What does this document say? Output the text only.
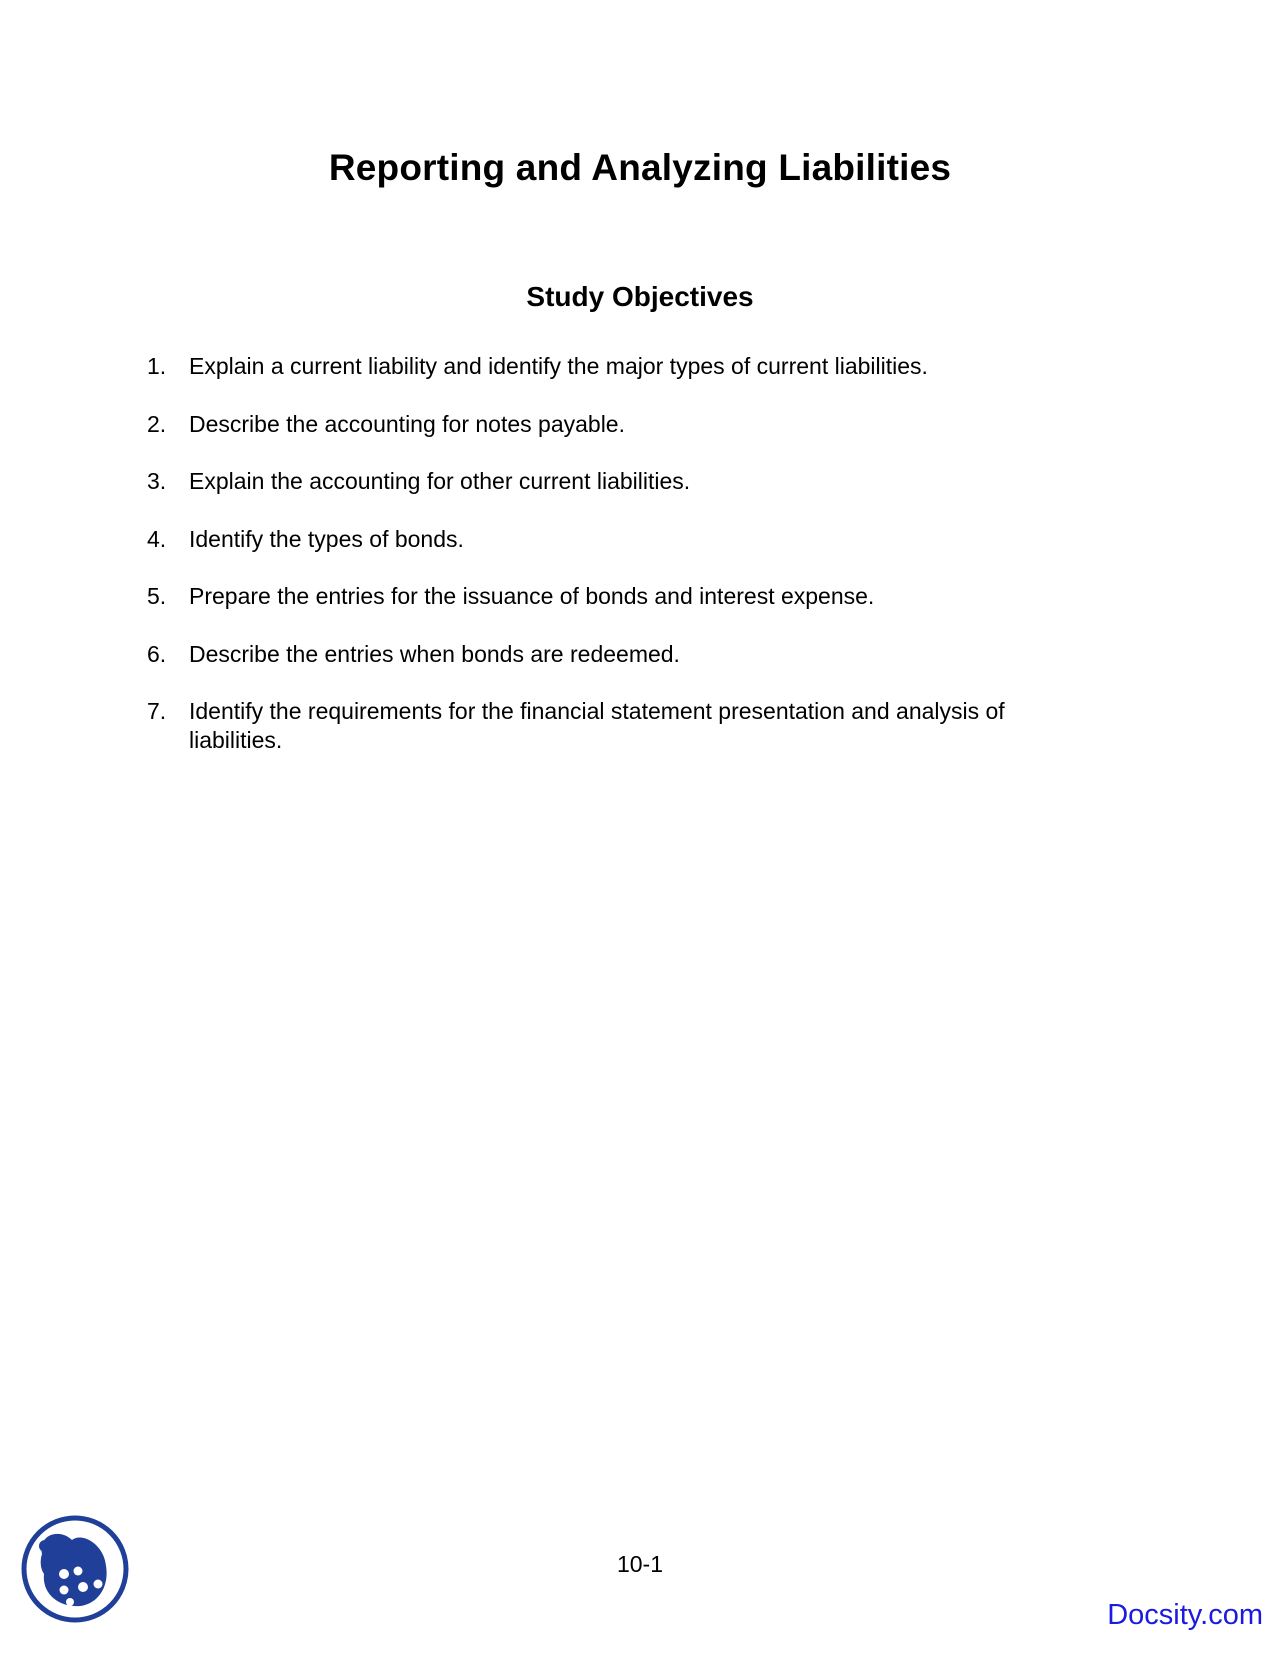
Reporting and Analyzing Liabilities
Study Objectives
1. Explain a current liability and identify the major types of current liabilities.
2. Describe the accounting for notes payable.
3. Explain the accounting for other current liabilities.
4. Identify the types of bonds.
5. Prepare the entries for the issuance of bonds and interest expense.
6. Describe the entries when bonds are redeemed.
7. Identify the requirements for the financial statement presentation and analysis of liabilities.
10-1
Docsity.com
